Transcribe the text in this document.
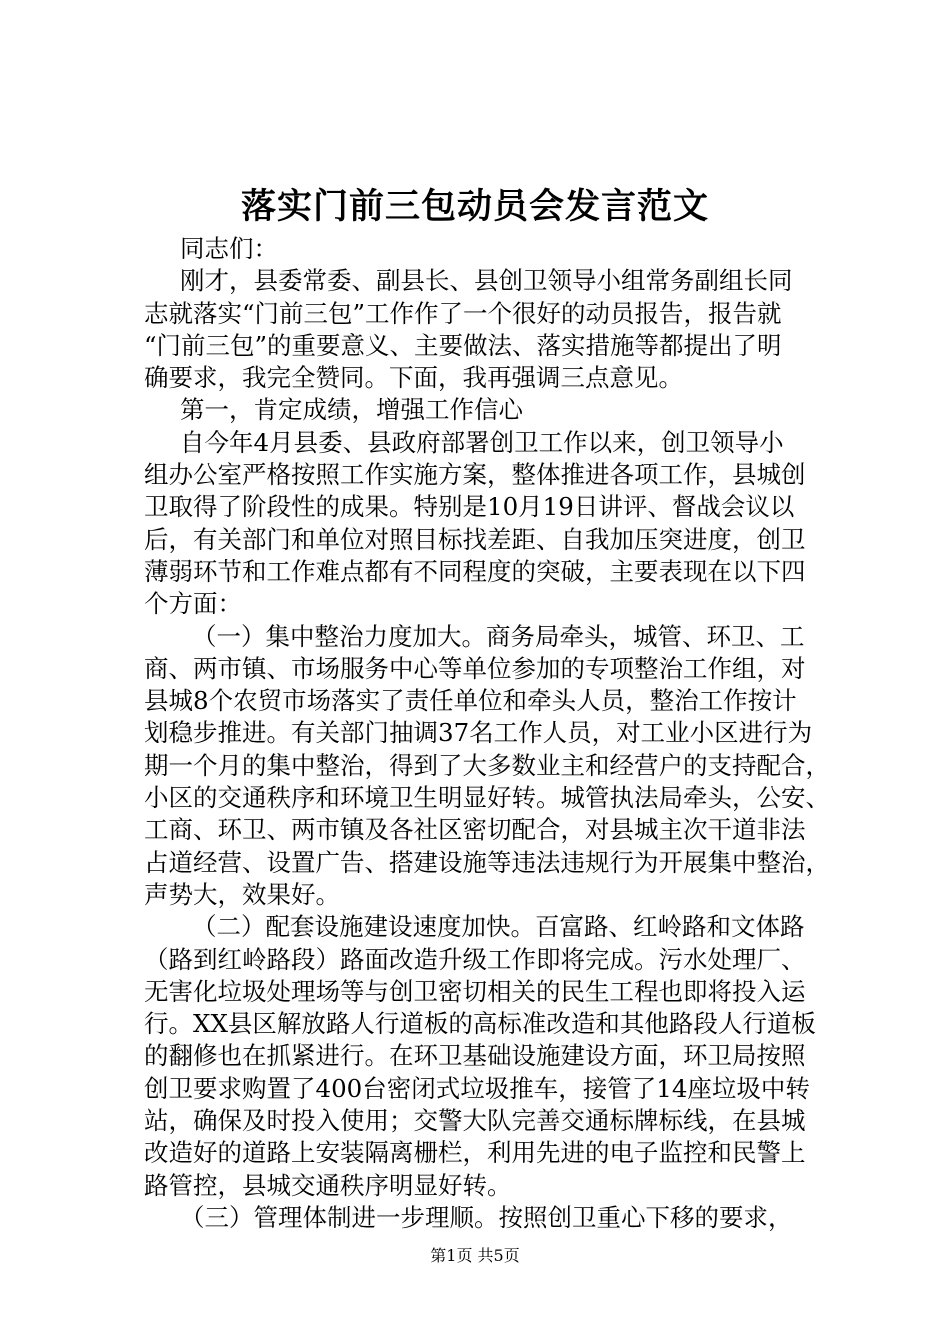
落实门前三包动员会发言范文
同志们：
刚才，县委常委、副县长、县创卫领导小组常务副组长同
志就落实“门前三包”工作作了一个很好的动员报告，报告就
“门前三包”的重要意义、主要做法、落实措施等都提出了明
确要求，我完全赞同。下面，我再强调三点意见。
第一，肯定成绩，增强工作信心
自今年4月县委、县政府部署创卫工作以来，创卫领导小
组办公室严格按照工作实施方案，整体推进各项工作，县城创
卫取得了阶段性的成果。特别是10月19日讲评、督战会议以
后，有关部门和单位对照目标找差距、自我加压突进度，创卫
薄弱环节和工作难点都有不同程度的突破，主要表现在以下四
个方面：
（一）集中整治力度加大。商务局牵头，城管、环卫、工
商、两市镇、市场服务中心等单位参加的专项整治工作组，对
县城8个农贸市场落实了责任单位和牵头人员，整治工作按计
划稳步推进。有关部门抽调37名工作人员，对工业小区进行为
期一个月的集中整治，得到了大多数业主和经营户的支持配合，
小区的交通秩序和环境卫生明显好转。城管执法局牵头，公安、
工商、环卫、两市镇及各社区密切配合，对县城主次干道非法
占道经营、设置广告、搭建设施等违法违规行为开展集中整治，
声势大，效果好。
（二）配套设施建设速度加快。百富路、红岭路和文体路
（路到红岭路段）路面改造升级工作即将完成。污水处理厂、
无害化垃圾处理场等与创卫密切相关的民生工程也即将投入运
行。XX县区解放路人行道板的高标准改造和其他路段人行道板
的翻修也在抓紧进行。在环卫基础设施建设方面，环卫局按照
创卫要求购置了400台密闭式垃圾推车，接管了14座垃圾中转
站，确保及时投入使用；交警大队完善交通标牌标线，在县城
改造好的道路上安装隔离栅栏，利用先进的电子监控和民警上
路管控，县城交通秩序明显好转。
（三）管理体制进一步理顺。按照创卫重心下移的要求，
第1页 共5页
